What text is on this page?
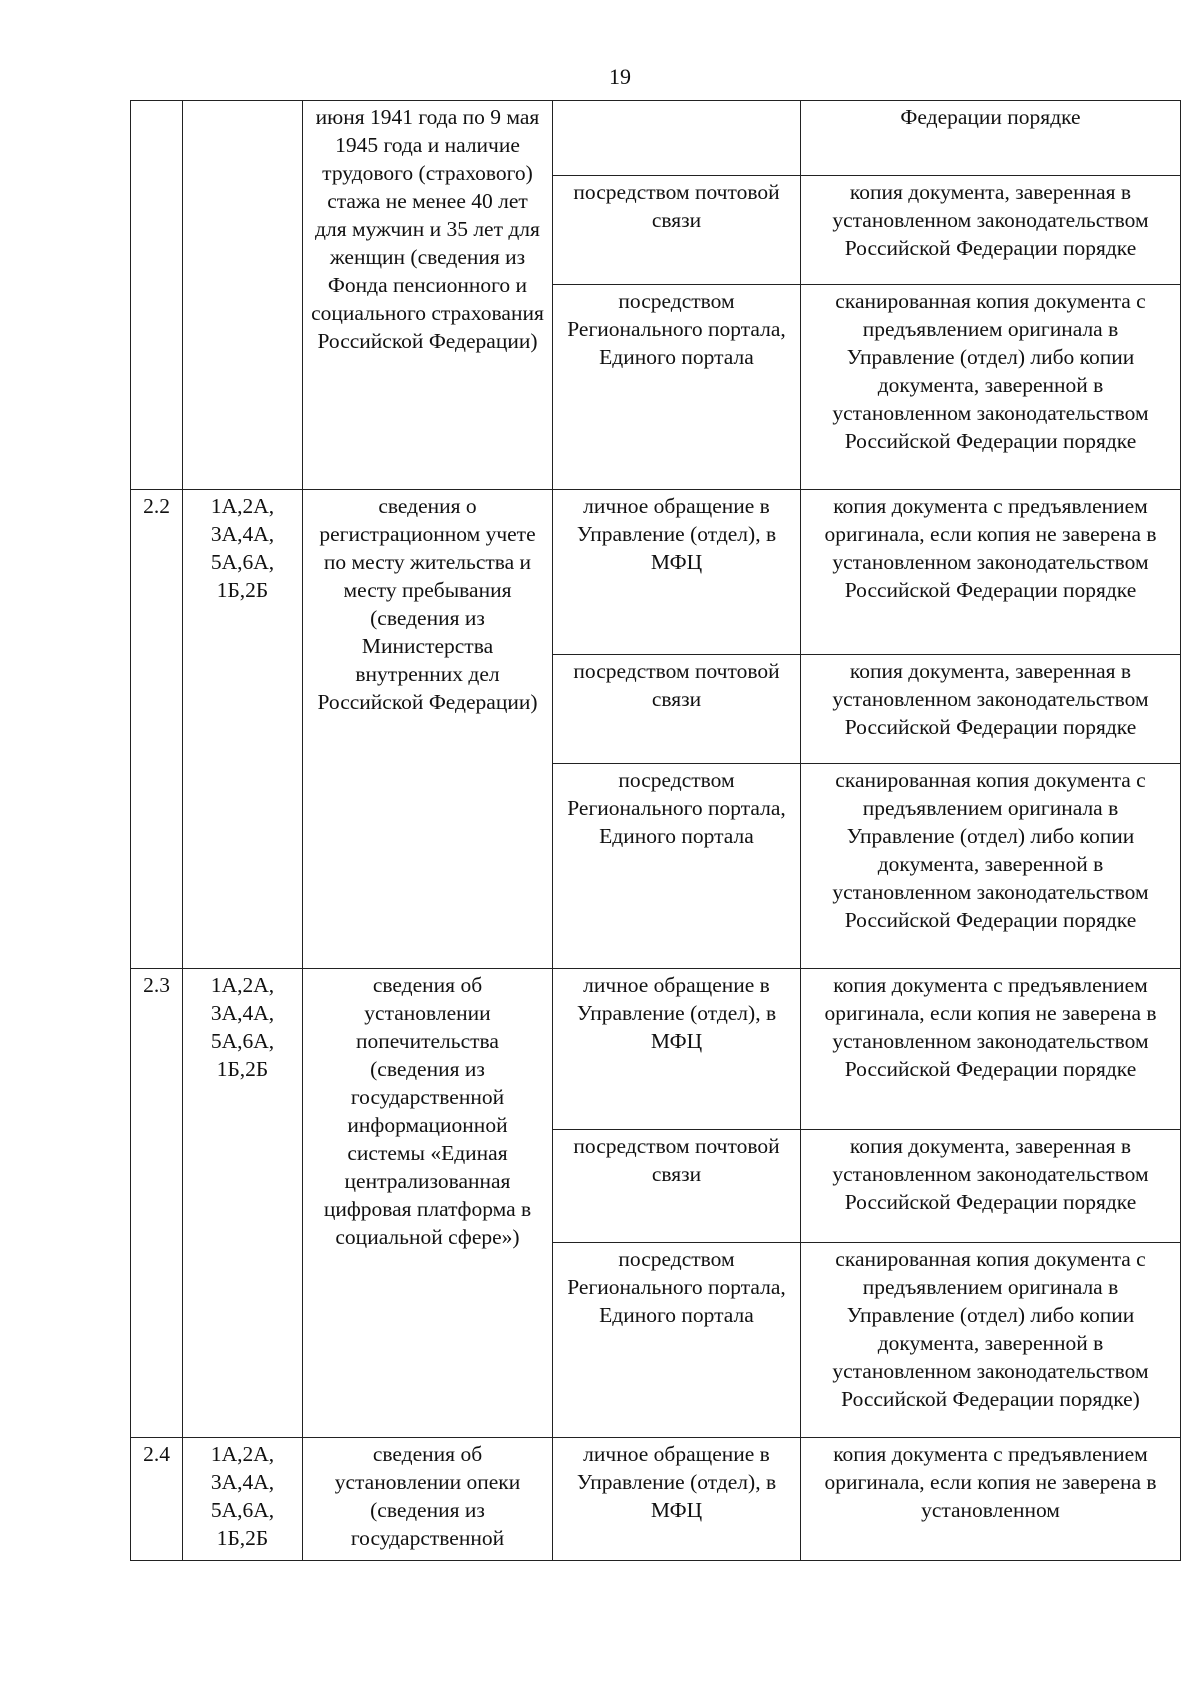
19
		июня 1941 года по 9 мая 1945 года и наличие трудового (страхового) стажа не менее 40 лет для мужчин и 35 лет для женщин (сведения из Фонда пенсионного и социального страхования Российской Федерации)		Федерации порядке

			посредством почтовой связи	копия документа, заверенная в установленном законодательством Российской Федерации порядке

			посредством Регионального портала, Единого портала	сканированная копия документа с предъявлением оригинала в Управление (отдел) либо копии документа, заверенной в установленном законодательством Российской Федерации порядке

2.2	1А,2А, 3А,4А, 5А,6А, 1Б,2Б	сведения о регистрационном учете по месту жительства и месту пребывания (сведения из Министерства внутренних дел Российской Федерации)	личное обращение в Управление (отдел), в МФЦ	копия документа с предъявлением оригинала, если копия не заверена в установленном законодательством Российской Федерации порядке

			посредством почтовой связи	копия документа, заверенная в установленном законодательством Российской Федерации порядке

			посредством Регионального портала, Единого портала	сканированная копия документа с предъявлением оригинала в Управление (отдел) либо копии документа, заверенной в установленном законодательством Российской Федерации порядке

2.3	1А,2А, 3А,4А, 5А,6А, 1Б,2Б	сведения об установлении попечительства (сведения из государственной информационной системы «Единая централизованная цифровая платформа в социальной сфере»)	личное обращение в Управление (отдел), в МФЦ	копия документа с предъявлением оригинала, если копия не заверена в установленном законодательством Российской Федерации порядке

			посредством почтовой связи	копия документа, заверенная в установленном законодательством Российской Федерации порядке

			посредством Регионального портала, Единого портала	сканированная копия документа с предъявлением оригинала в Управление (отдел) либо копии документа, заверенной в установленном законодательством Российской Федерации порядке)

2.4	1А,2А, 3А,4А, 5А,6А, 1Б,2Б	сведения об установлении опеки (сведения из государственной	личное обращение в Управление (отдел), в МФЦ	копия документа с предъявлением оригинала, если копия не заверена в установленном
